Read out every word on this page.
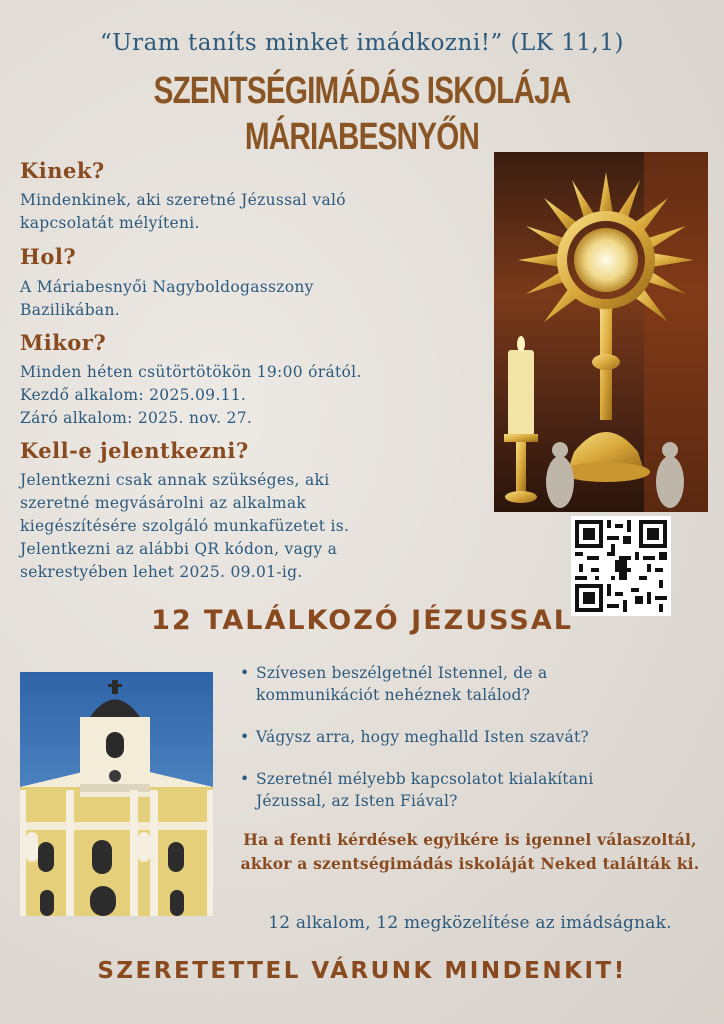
“Uram taníts minket imádkozni!” (LK 11,1)
SZENTSÉGIMÁDÁS ISKOLÁJA
MÁRIABESNYŐN
Kinek?
Mindenkinek, aki szeretné Jézussal való
kapcsolatát mélyíteni.
Hol?
A Máriabesnyői Nagyboldogasszony
Bazilikában.
Mikor?
Minden héten csütörtötökön 19:00 órától.
Kezdő alkalom: 2025.09.11.
Záró alkalom: 2025. nov. 27.
Kell-e jelentkezni?
Jelentkezni csak annak szükséges, aki
szeretné megvásárolni az alkalmak
kiegészítésére szolgáló munkafüzetet is.
Jelentkezni az alábbi QR kódon, vagy a
sekrestyében lehet 2025. 09.01-ig.
12 TALÁLKOZÓ JÉZUSSAL
• Szívesen beszélgetnél Istennel, de a
kommunikációt nehéznek találod?
• Vágysz arra, hogy meghalld Isten szavát?
• Szeretnél mélyebb kapcsolatot kialakítani
Jézussal, az Isten Fiával?
Ha a fenti kérdések egyikére is igennel válaszoltál,
akkor a szentségimádás iskoláját Neked találták ki.
12 alkalom, 12 megközelítése az imádságnak.
SZERETETTEL VÁRUNK MINDENKIT!
